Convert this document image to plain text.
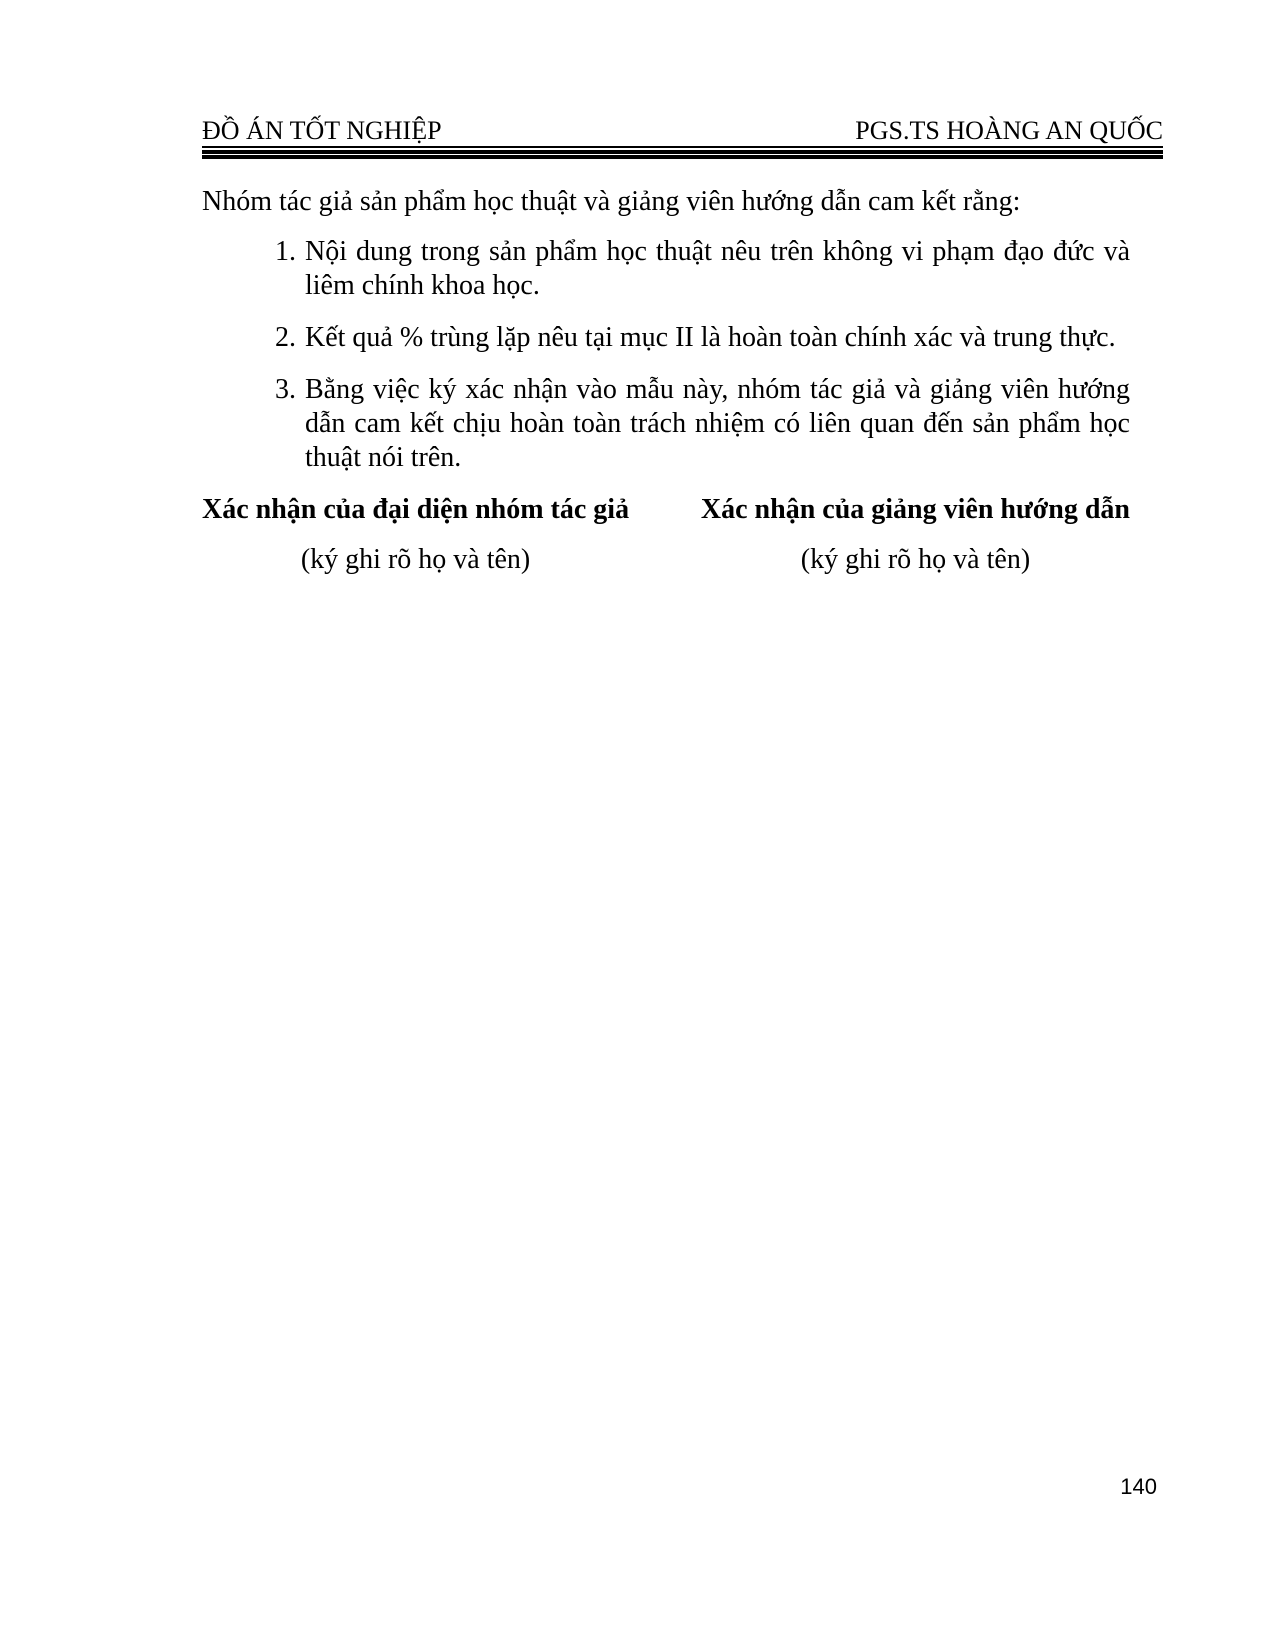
ĐỒ ÁN TỐT NGHIỆP	PGS.TS HOÀNG AN QUỐC

Nhóm tác giả sản phẩm học thuật và giảng viên hướng dẫn cam kết rằng:

1. Nội dung trong sản phẩm học thuật nêu trên không vi phạm đạo đức và liêm chính khoa học.
2. Kết quả % trùng lặp nêu tại mục II là hoàn toàn chính xác và trung thực.
3. Bằng việc ký xác nhận vào mẫu này, nhóm tác giả và giảng viên hướng dẫn cam kết chịu hoàn toàn trách nhiệm có liên quan đến sản phẩm học thuật nói trên.
Xác nhận của đại diện nhóm tác giả
(ký ghi rõ họ và tên)
Xác nhận của giảng viên hướng dẫn
(ký ghi rõ họ và tên)
140
